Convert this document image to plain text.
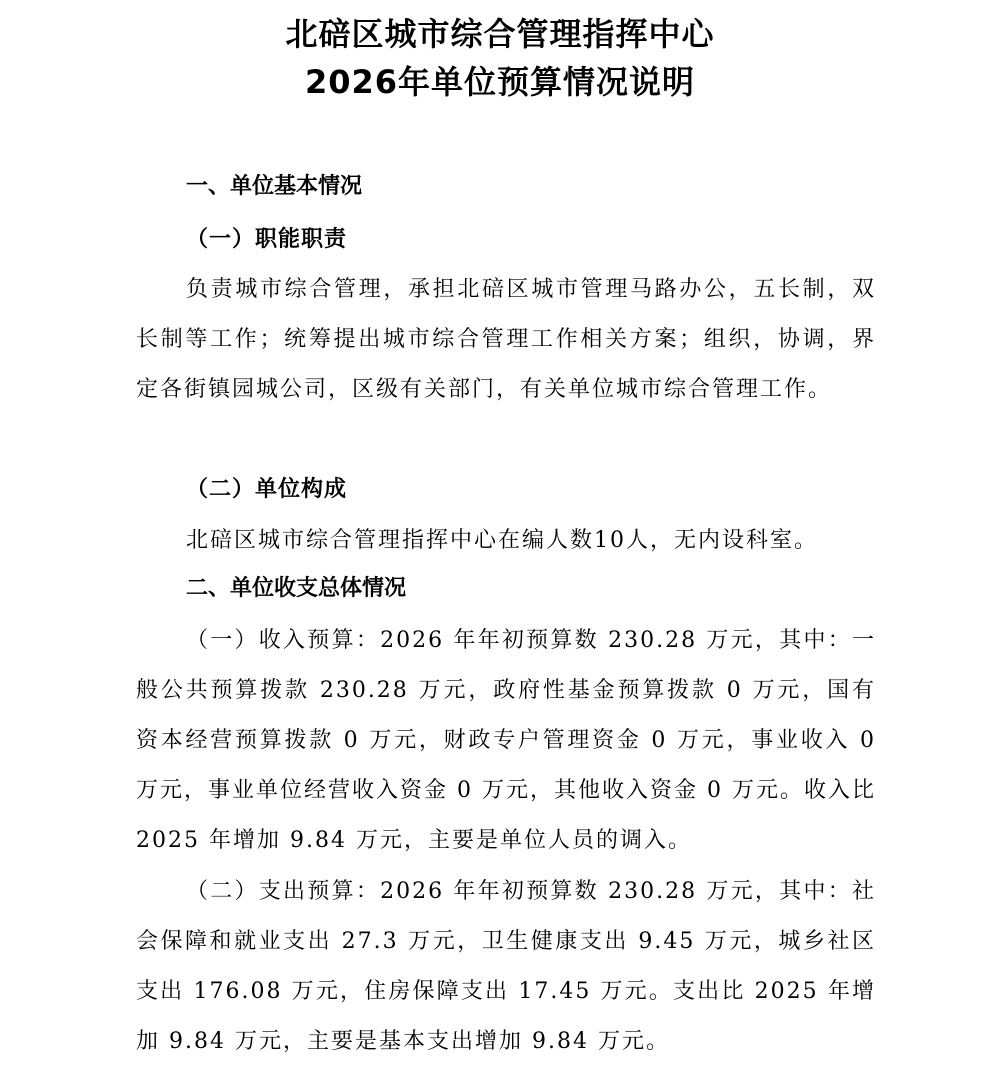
北碚区城市综合管理指挥中心
2026年单位预算情况说明
一、单位基本情况
（一）职能职责

负责城市综合管理，承担北碚区城市管理马路办公，五长制，双长制等工作；统筹提出城市综合管理工作相关方案；组织，协调，界定各街镇园城公司，区级有关部门，有关单位城市综合管理工作。

（二）单位构成

北碚区城市综合管理指挥中心在编人数10人，无内设科室。

二、单位收支总体情况

（一）收入预算：2026 年年初预算数 230.28 万元，其中：一般公共预算拨款 230.28 万元，政府性基金预算拨款 0 万元，国有资本经营预算拨款 0 万元，财政专户管理资金 0 万元，事业收入 0 万元，事业单位经营收入资金 0 万元，其他收入资金 0 万元。收入比 2025 年增加 9.84 万元，主要是单位人员的调入。

（二）支出预算：2026 年年初预算数 230.28 万元，其中：社会保障和就业支出 27.3 万元，卫生健康支出 9.45 万元，城乡社区支出 176.08 万元，住房保障支出 17.45 万元。支出比 2025 年增加 9.84 万元，主要是基本支出增加 9.84 万元。
